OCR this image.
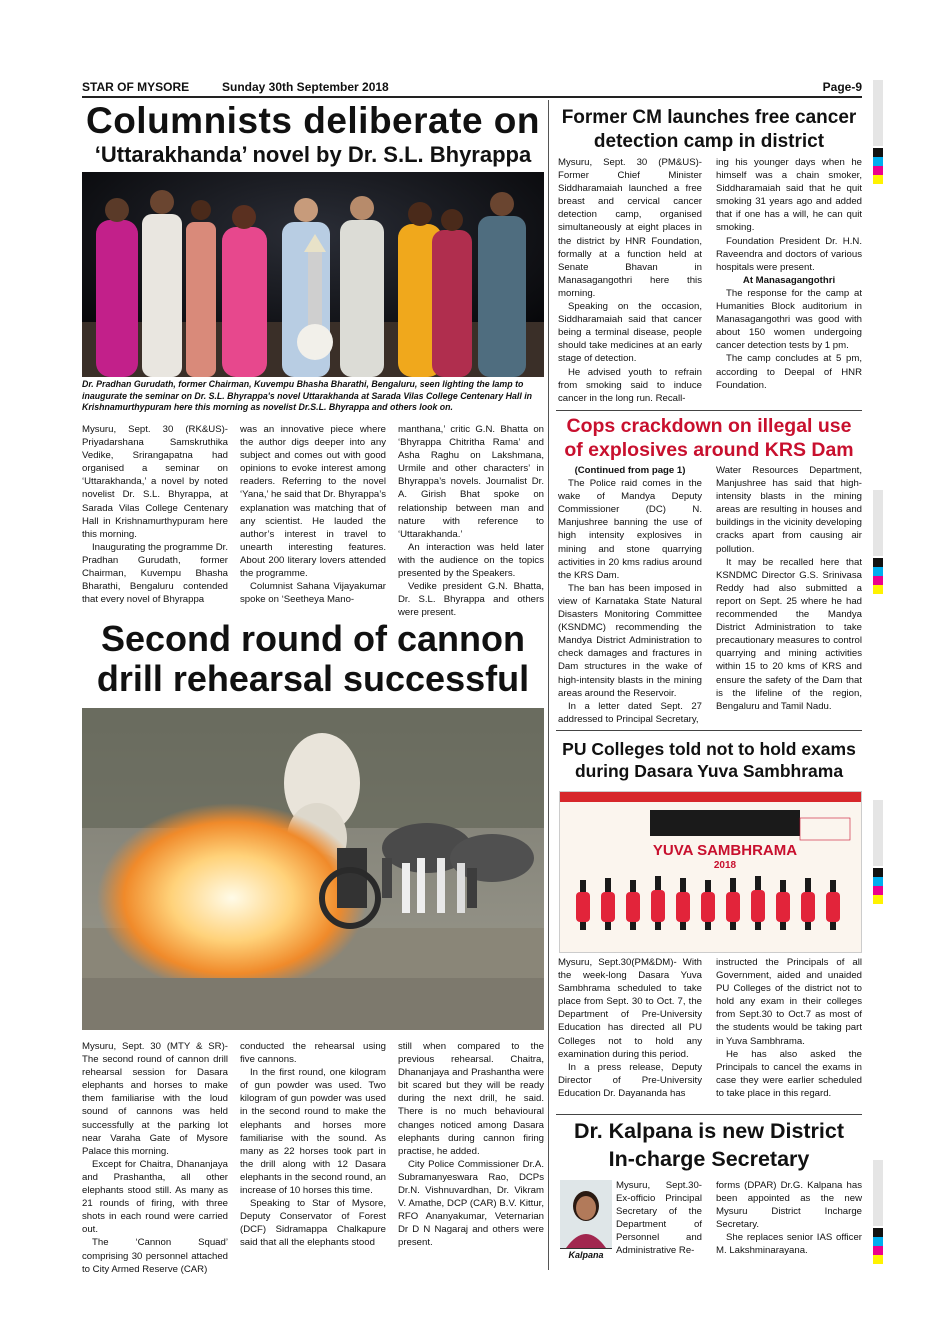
STAR OF MYSORE	Sunday 30th September 2018	Page-9
Columnists deliberate on
‘Uttarakhanda’ novel by Dr. S.L. Bhyrappa
Dr. Pradhan Gurudath, former Chairman, Kuvempu Bhasha Bharathi, Bengaluru, seen lighting the lamp to inaugurate the seminar on Dr. S.L. Bhyrappa's novel Uttarakhanda at Sarada Vilas College Centenary Hall in Krishnamurthypuram here this morning as novelist Dr.S.L. Bhyrappa and others look on.

Mysuru, Sept. 30 (RK&US)- Priyadarshana Samskruthika Vedike, Srirangapatna had organised a seminar on ‘Uttarakhanda,’ a novel by noted novelist Dr. S.L. Bhyrappa, at Sarada Vilas College Centenary Hall in Krishnamurthypuram here this morning.

Inaugurating the programme Dr. Pradhan Gurudath, former Chairman, Kuvempu Bhasha Bharathi, Bengaluru contended that every novel of Bhyrappa

was an innovative piece where the author digs deeper into any subject and comes out with good opinions to evoke interest among readers. Referring to the novel ‘Yana,’ he said that Dr. Bhyrappa’s explanation was matching that of any scientist. He lauded the author’s interest in travel to unearth interesting features. About 200 literary lovers attended the programme.

Columnist Sahana Vijayakumar spoke on ‘Seetheya Mano-

manthana,’ critic G.N. Bhatta on ‘Bhyrappa Chitritha Rama’ and Asha Raghu on Lakshmana, Urmile and other characters’ in Bhyrappa’s novels. Journalist Dr. A. Girish Bhat spoke on relationship between man and nature with reference to ‘Uttarakhanda.’

An interaction was held later with the audience on the topics presented by the Speakers.

Vedike president G.N. Bhatta, Dr. S.L. Bhyrappa and others were present.

Second round of cannon
drill rehearsal successful

Mysuru, Sept. 30 (MTY & SR)- The second round of cannon drill rehearsal session for Dasara elephants and horses to make them familiarise with the loud sound of cannons was held successfully at the parking lot near Varaha Gate of Mysore Palace this morning.

Except for Chaitra, Dhananjaya and Prashantha, all other elephants stood still. As many as 21 rounds of firing, with three shots in each round were carried out.

The ‘Cannon Squad’ comprising 30 personnel attached to City Armed Reserve (CAR)

conducted the rehearsal using five cannons.

In the first round, one kilogram of gun powder was used. Two kilogram of gun powder was used in the second round to make the elephants and horses more familiarise with the sound. As many as 22 horses took part in the drill along with 12 Dasara elephants in the second round, an increase of 10 horses this time.

Speaking to Star of Mysore, Deputy Conservator of Forest (DCF) Sidramappa Chalkapure said that all the elephants stood

still when compared to the previous rehearsal. Chaitra, Dhananjaya and Prashantha were bit scared but they will be ready during the next drill, he said. There is no much behavioural changes noticed among Dasara elephants during cannon firing practise, he added.

City Police Commissioner Dr.A. Subramanyeswara Rao, DCPs Dr.N. Vishnuvardhan, Dr. Vikram V. Amathe, DCP (CAR) B.V. Kittur, RFO Ananyakumar, Veternarian Dr D N Nagaraj and others were present.

Former CM launches free cancer
detection camp in district

Mysuru, Sept. 30 (PM&US)- Former Chief Minister Siddharamaiah launched a free breast and cervical cancer detection camp, organised simultaneously at eight places in the district by HNR Foundation, formally at a function held at Senate Bhavan in Manasagangothri here this morning.

Speaking on the occasion, Siddharamaiah said that cancer being a terminal disease, people should take medicines at an early stage of detection.

He advised youth to refrain from smoking said to induce cancer in the long run. Recall-

ing his younger days when he himself was a chain smoker, Siddharamaiah said that he quit smoking 31 years ago and added that if one has a will, he can quit smoking.

Foundation President Dr. H.N. Raveendra and doctors of various hospitals were present.

At Manasagangothri

The response for the camp at Humanities Block auditorium in Manasagangothri was good with about 150 women undergoing cancer detection tests by 1 pm.

The camp concludes at 5 pm, according to Deepal of HNR Foundation.

Cops crackdown on illegal use
of explosives around KRS Dam

(Continued from page 1)

The Police raid comes in the wake of Mandya Deputy Commissioner (DC) N. Manjushree banning the use of high intensity explosives in mining and stone quarrying activities in 20 kms radius around the KRS Dam.

The ban has been imposed in view of Karnataka State Natural Disasters Monitoring Committee (KSNDMC) recommending the Mandya District Administration to check damages and fractures in Dam structures in the wake of high-intensity blasts in the mining areas around the Reservoir.

In a letter dated Sept. 27 addressed to Principal Secretary,

Water Resources Department, Manjushree has said that high-intensity blasts in the mining areas are resulting in houses and buildings in the vicinity developing cracks apart from causing air pollution.

It may be recalled here that KSNDMC Director G.S. Srinivasa Reddy had also submitted a report on Sept. 25 where he had recommended the Mandya District Administration to take precautionary measures to control quarrying and mining activities within 15 to 20 kms of KRS and ensure the safety of the Dam that is the lifeline of the region, Bengaluru and Tamil Nadu.

PU Colleges told not to hold exams
during Dasara Yuva Sambhrama
YUVA SAMBHRAMA
2018

Mysuru, Sept.30(PM&DM)- With the week-long Dasara Yuva Sambhrama scheduled to take place from Sept. 30 to Oct. 7, the Department of Pre-University Education has directed all PU Colleges not to hold any examination during this period.

In a press release, Deputy Director of Pre-University Education Dr. Dayananda has

instructed the Principals of all Government, aided and unaided PU Colleges of the district not to hold any exam in their colleges from Sept.30 to Oct.7 as most of the students would be taking part in Yuva Sambhrama.

He has also asked the Principals to cancel the exams in case they were earlier scheduled to take place in this regard.

Dr. Kalpana is new District
In-charge Secretary
Kalpana

Mysuru, Sept.30- Ex-officio Principal Secretary of the Department of Personnel and Administrative Re-

forms (DPAR) Dr.G. Kalpana has been appointed as the new Mysuru District Incharge Secretary.

She replaces senior IAS officer M. Lakshminarayana.
